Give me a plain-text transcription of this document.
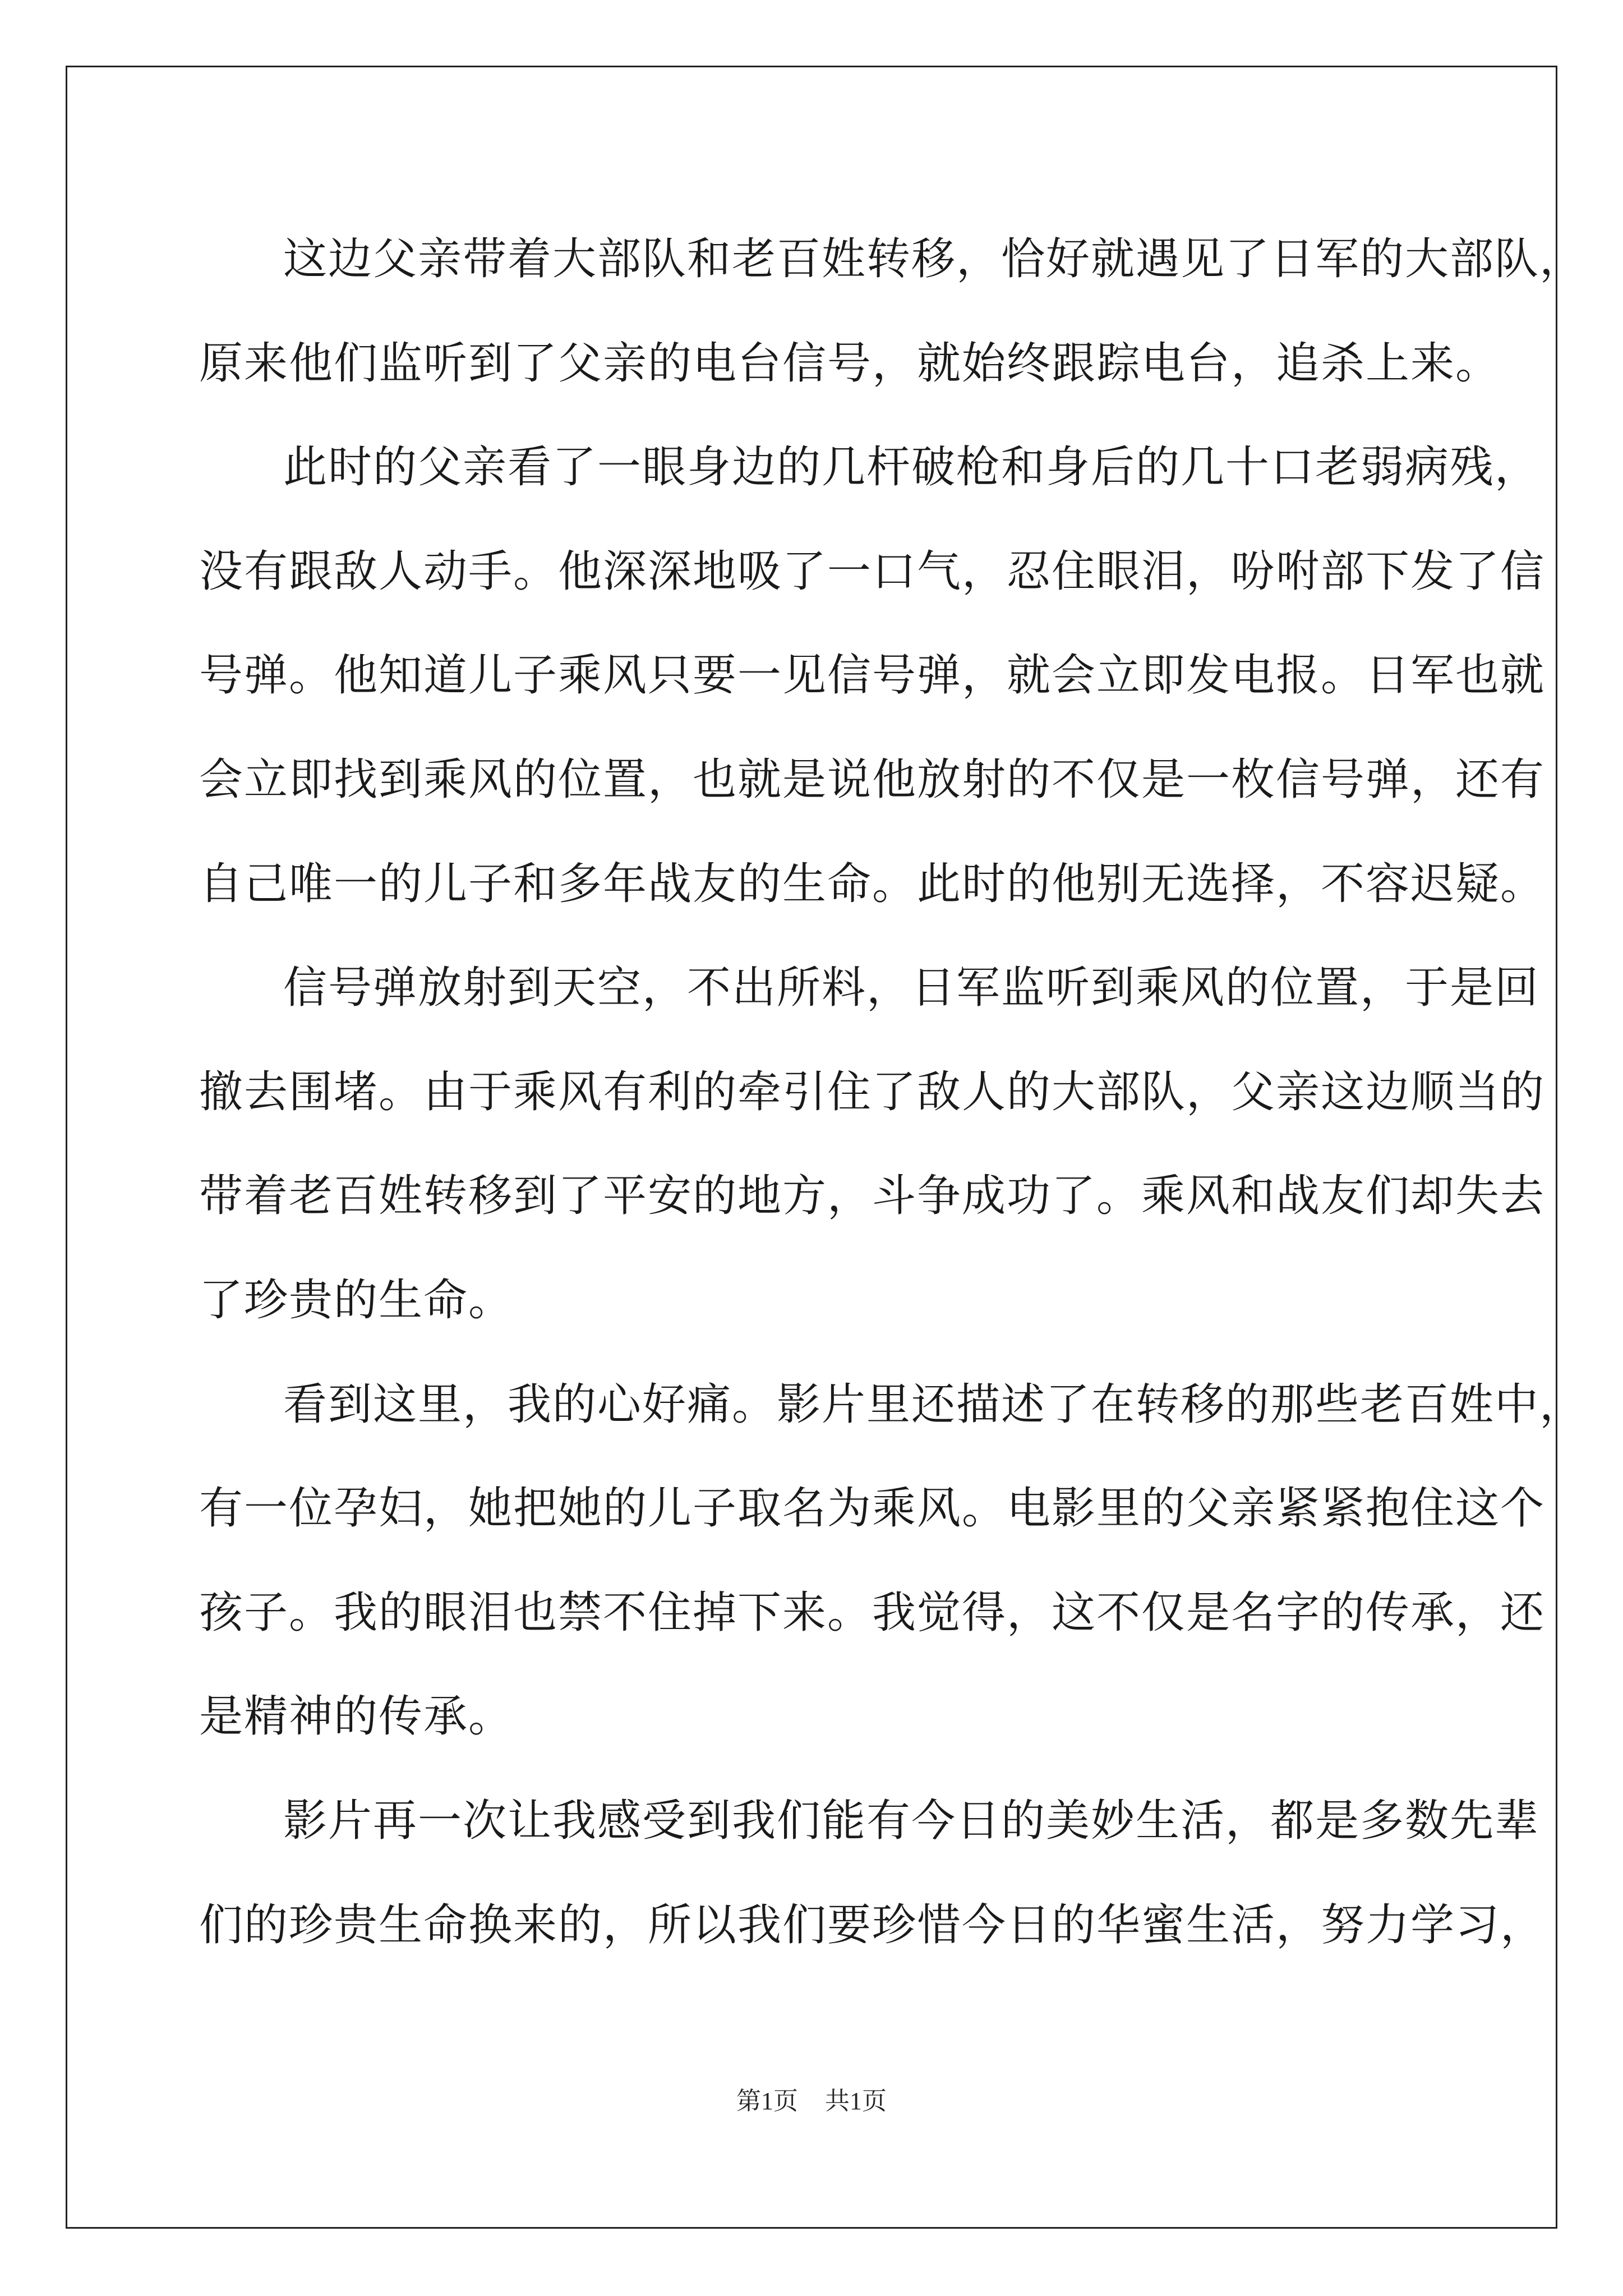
这边父亲带着大部队和老百姓转移，恰好就遇见了日军的大部队，
原来他们监听到了父亲的电台信号，就始终跟踪电台，追杀上来。
此时的父亲看了一眼身边的几杆破枪和身后的几十口老弱病残，
没有跟敌人动手。他深深地吸了一口气，忍住眼泪，吩咐部下发了信
号弹。他知道儿子乘风只要一见信号弹，就会立即发电报。日军也就
会立即找到乘风的位置，也就是说他放射的不仅是一枚信号弹，还有
自己唯一的儿子和多年战友的生命。此时的他别无选择，不容迟疑。
信号弹放射到天空，不出所料，日军监听到乘风的位置，于是回
撤去围堵。由于乘风有利的牵引住了敌人的大部队，父亲这边顺当的
带着老百姓转移到了平安的地方，斗争成功了。乘风和战友们却失去
了珍贵的生命。
看到这里，我的心好痛。影片里还描述了在转移的那些老百姓中，
有一位孕妇，她把她的儿子取名为乘风。电影里的父亲紧紧抱住这个
孩子。我的眼泪也禁不住掉下来。我觉得，这不仅是名字的传承，还
是精神的传承。
影片再一次让我感受到我们能有今日的美妙生活，都是多数先辈
们的珍贵生命换来的，所以我们要珍惜今日的华蜜生活，努力学习，
第1页 共1页
